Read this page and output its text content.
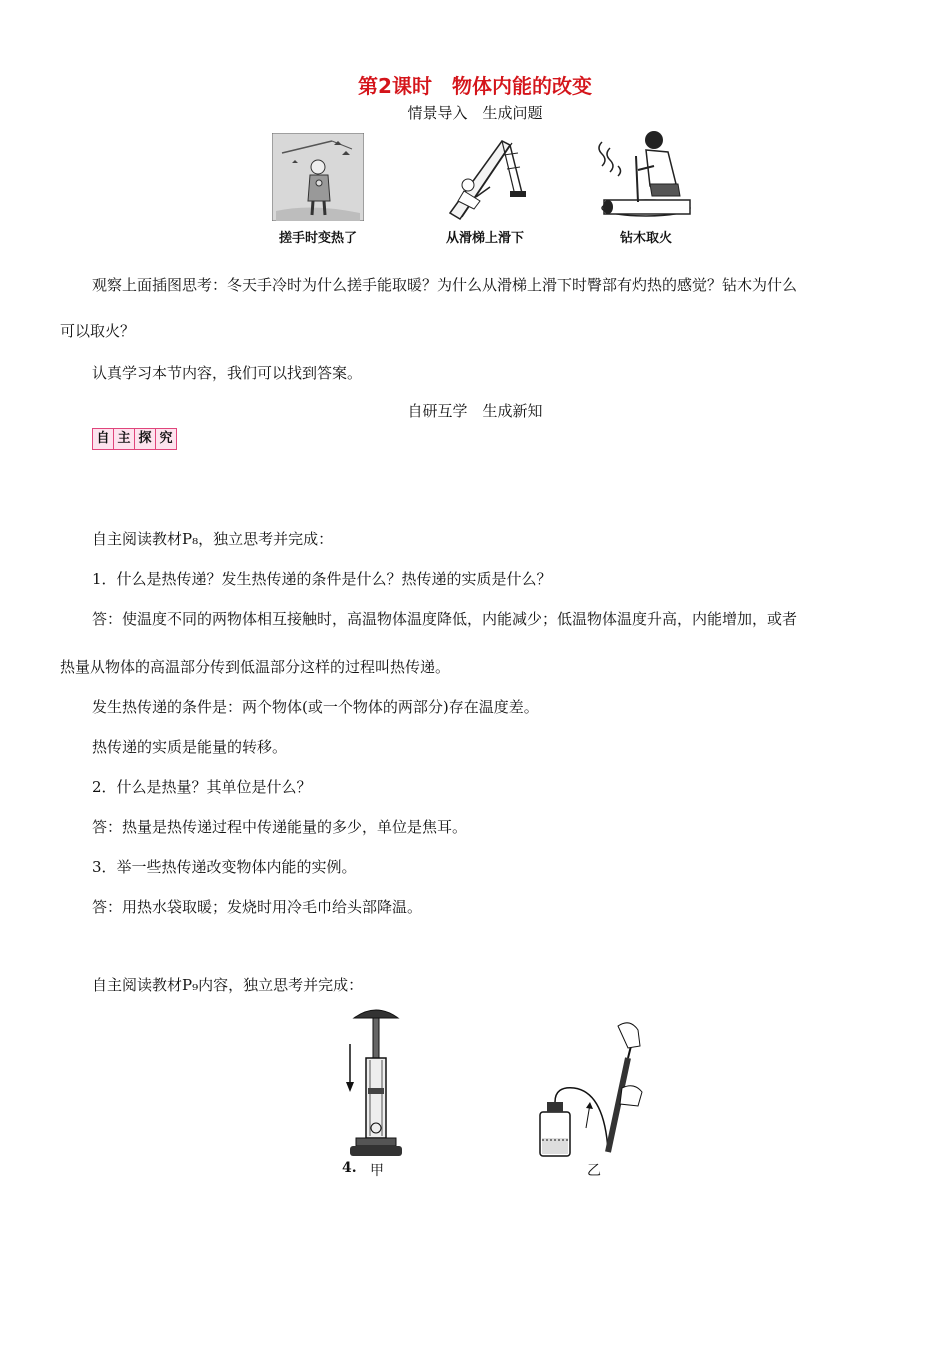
第2课时　物体内能的改变
情景导入　生成问题
搓手时变热了	从滑梯上滑下	钻木取火
观察上面插图思考：冬天手冷时为什么搓手能取暖？为什么从滑梯上滑下时臀部有灼热的感觉？钻木为什么
可以取火？
认真学习本节内容，我们可以找到答案。
自研互学　生成新知
自 主 探 究
自主阅读教材P₈，独立思考并完成：
1．什么是热传递？发生热传递的条件是什么？热传递的实质是什么？
答：使温度不同的两物体相互接触时，高温物体温度降低，内能减少；低温物体温度升高，内能增加，或者
热量从物体的高温部分传到低温部分这样的过程叫热传递。
发生热传递的条件是：两个物体(或一个物体的两部分)存在温度差。
热传递的实质是能量的转移。
2．什么是热量？其单位是什么？
答：热量是热传递过程中传递能量的多少，单位是焦耳。
3．举一些热传递改变物体内能的实例。
答：用热水袋取暖；发烧时用冷毛巾给头部降温。
自主阅读教材P₉内容，独立思考并完成：
4. 甲	乙
